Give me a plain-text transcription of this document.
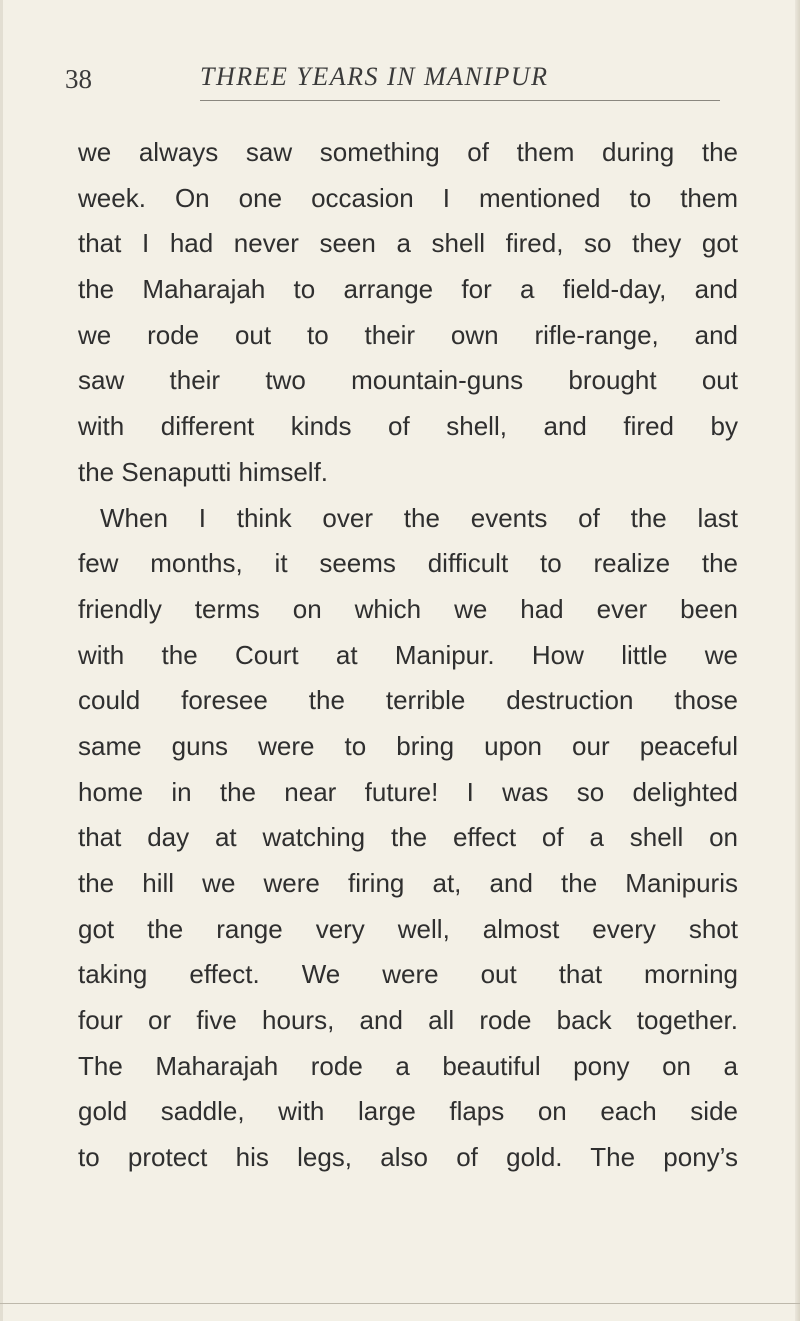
38	THREE YEARS IN MANIPUR
we always saw something of them during the
week. On one occasion I mentioned to them
that I had never seen a shell fired, so they got
the Maharajah to arrange for a field-day, and
we rode out to their own rifle-range, and
saw their two mountain-guns brought out
with different kinds of shell, and fired by
the Senaputti himself.
When I think over the events of the last
few months, it seems difficult to realize the
friendly terms on which we had ever been
with the Court at Manipur. How little we
could foresee the terrible destruction those
same guns were to bring upon our peaceful
home in the near future! I was so delighted
that day at watching the effect of a shell on
the hill we were firing at, and the Manipuris
got the range very well, almost every shot
taking effect. We were out that morning
four or five hours, and all rode back together.
The Maharajah rode a beautiful pony on a
gold saddle, with large flaps on each side
to protect his legs, also of gold. The pony’s
